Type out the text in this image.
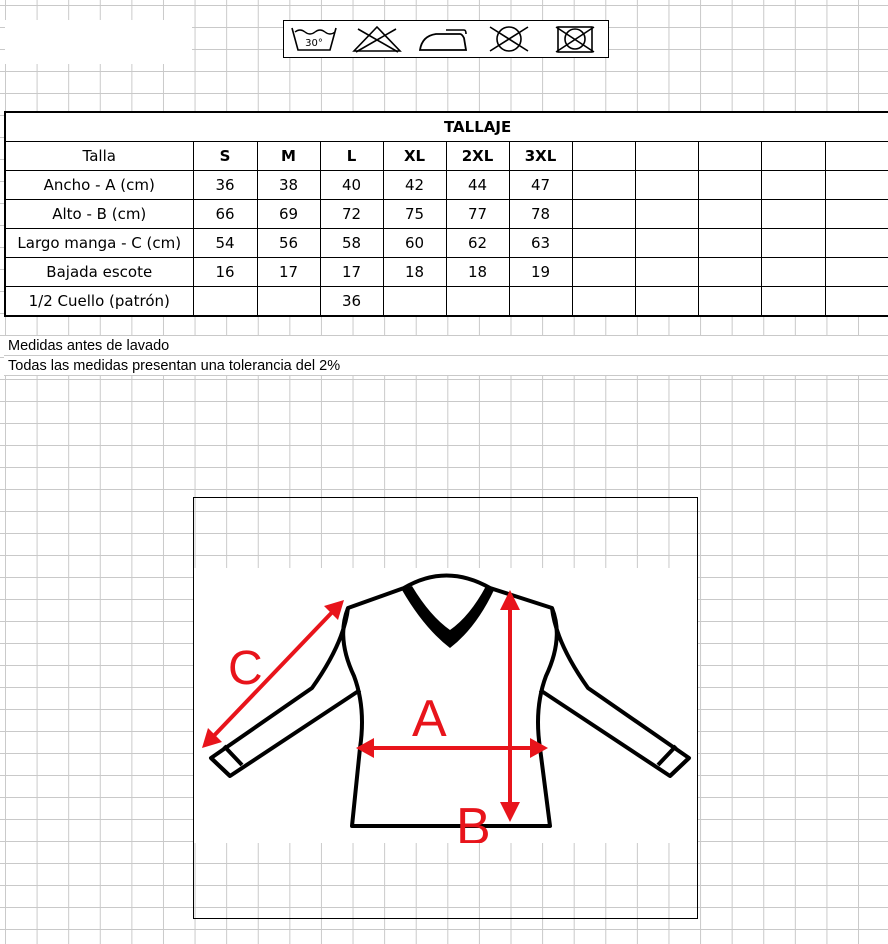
30°
TALLAJE												
Talla	S	M	L	XL	2XL	3XL						
Ancho - A (cm)	36	38	40	42	44	47						
Alto - B (cm)	66	69	72	75	77	78						
Largo manga - C (cm)	54	56	58	60	62	63						
Bajada escote	16	17	17	18	18	19						
1/2 Cuello (patrón)			36									
Medidas antes de lavado
Todas las medidas presentan una tolerancia del 2%
A
B
C
